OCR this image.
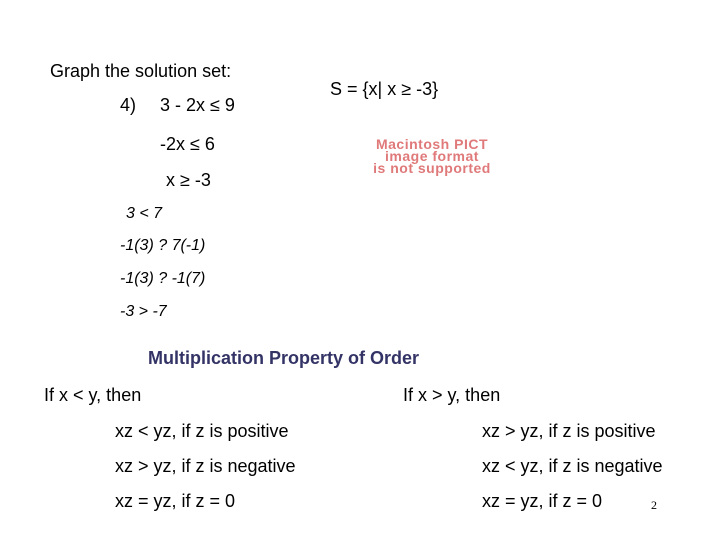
Graph the solution set:
4) 3 - 2x ≤ 9
S = {x| x ≥ -3}
-2x ≤ 6
x ≥ -3
Macintosh PICT
image format
is not supported
3 < 7
-1(3) ? 7(-1)
-1(3) ? -1(7)
-3 > -7
Multiplication Property of Order
If x < y, then	If x > y, then
xz < yz, if z is positive
xz > yz, if z is negative
xz = yz, if z = 0
xz > yz, if z is positive
xz < yz, if z is negative
xz = yz, if z = 0	2
